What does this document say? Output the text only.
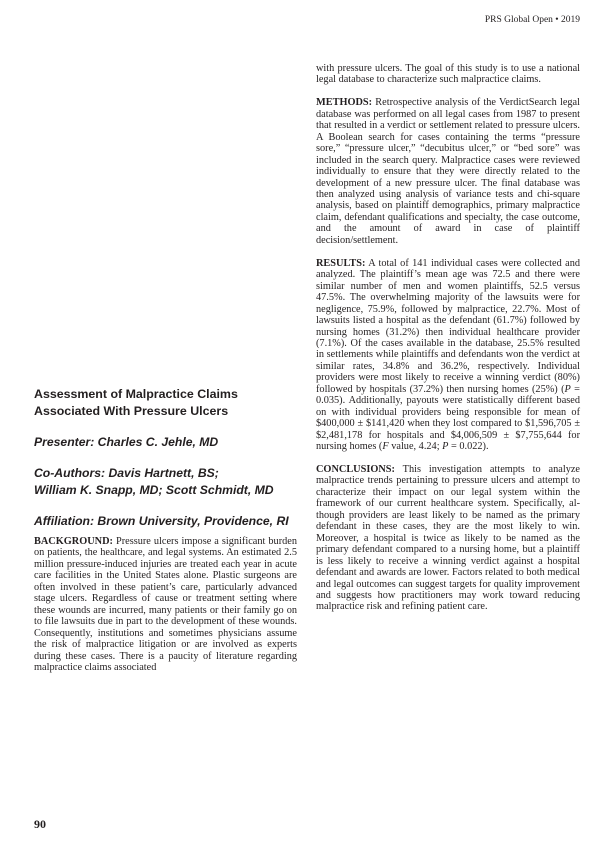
PRS Global Open • 2019
Assessment of Malpractice Claims
Associated With Pressure Ulcers
Presenter: Charles C. Jehle, MD
Co-Authors: Davis Hartnett, BS;
William K. Snapp, MD; Scott Schmidt, MD
Affiliation: Brown University, Providence, RI

BACKGROUND: Pressure ulcers impose a significant burden on patients, the healthcare, and legal systems. An estimated 2.5 million pressure-induced injuries are treated each year in acute care facilities in the United States alone. Plastic surgeons are often involved in these patient’s care, particularly advanced stage ulcers. Regardless of cause or treatment setting where these wounds are incurred, many patients or their family go on to file lawsuits due in part to the development of these wounds. Consequently, institutions and sometimes physicians assume the risk of malpractice litigation or are involved as experts during these cases. There is a paucity of literature regarding malpractice claims associated

with pressure ulcers. The goal of this study is to use a national legal database to characterize such malpractice claims.

METHODS: Retrospective analysis of the VerdictSearch legal database was performed on all legal cases from 1987 to present that resulted in a verdict or settlement related to pressure ulcers. A Boolean search for cases containing the terms “pressure sore,” “pressure ulcer,” “decubitus ulcer,” or “bed sore” was included in the search query. Malpractice cases were reviewed individually to ensure that they were directly related to the development of a new pressure ulcer. The final database was then analyzed using analysis of variance tests and chi-square analysis, based on plaintiff demographics, primary malpractice claim, defendant qualifications and specialty, the case outcome, and the amount of award in case of plaintiff decision/settlement.

RESULTS: A total of 141 individual cases were collected and analyzed. The plaintiff’s mean age was 72.5 and there were similar number of men and women plaintiffs, 52.5 versus 47.5%. The overwhelming majority of the lawsuits were for negligence, 75.9%, followed by malpractice, 22.7%. Most of lawsuits listed a hospital as the defendant (61.7%) followed by nursing homes (31.2%) then individual healthcare provider (7.1%). Of the cases available in the database, 25.5% resulted in settlements while plaintiffs and defendants won the verdict at similar rates, 34.8% and 36.2%, respectively. Individual providers were most likely to receive a winning verdict (80%) followed by hospitals (37.2%) then nursing homes (25%) (P = 0.035). Additionally, payouts were statistically different based on with individual providers being responsible for mean of $400,000 ± $141,420 when they lost compared to $1,596,705 ± $2,481,178 for hospitals and $4,006,509 ± $7,755,644 for nursing homes (F value, 4.24; P = 0.022).

CONCLUSIONS: This investigation attempts to analyze malpractice trends pertaining to pressure ulcers and attempt to characterize their impact on our legal system within the framework of our current healthcare system. Specifically, although providers are least likely to be named as the primary defendant in these cases, they are the most likely to win. Moreover, a hospital is twice as likely to be named as the primary defendant compared to a nursing home, but a plaintiff is less likely to receive a winning verdict against a hospital defendant and awards are lower. Factors related to both medical and legal outcomes can suggest targets for quality improvement and suggests how practitioners may work toward reducing malpractice risk and refining patient care.

90
